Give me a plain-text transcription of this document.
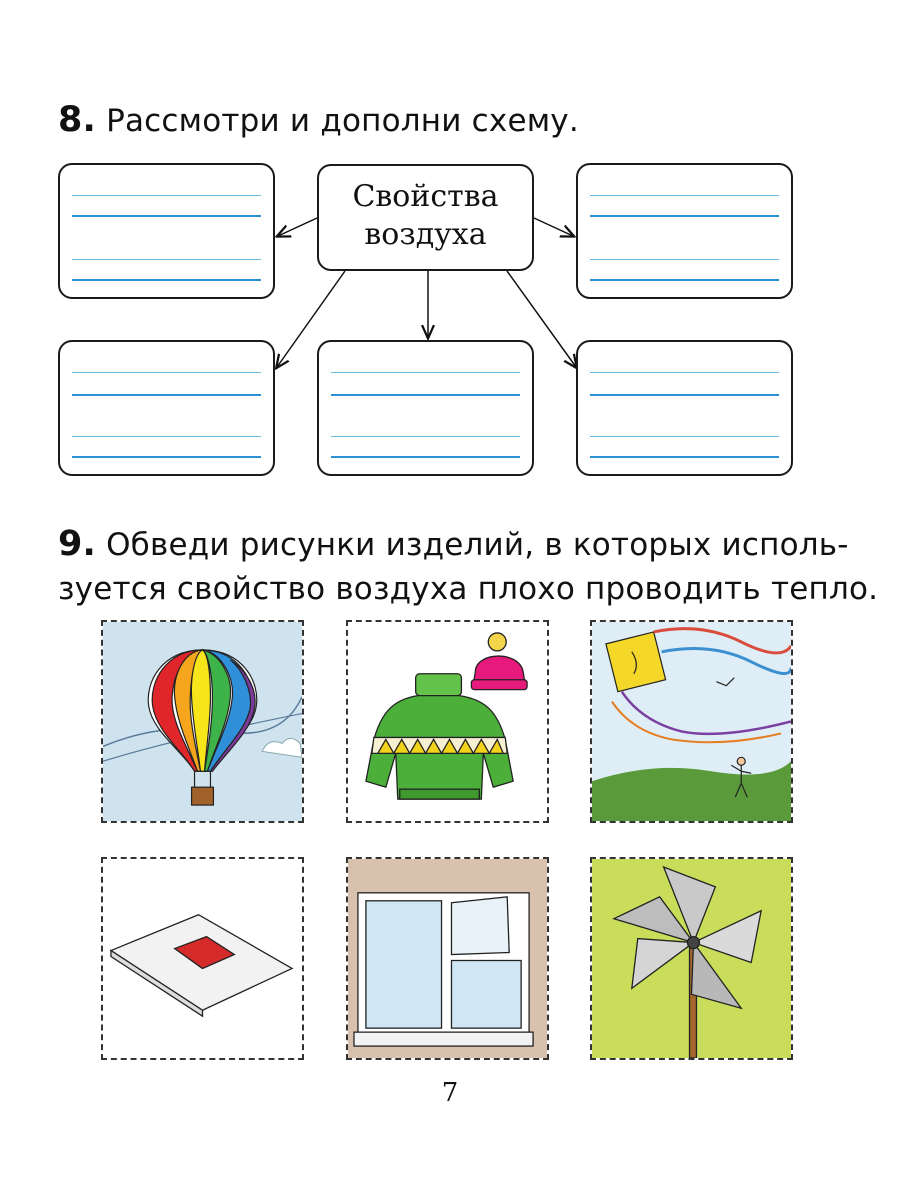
8. Рассмотри и дополни схему.
Свойства
воздуха
9. Обведи рисунки изделий, в которых исполь-
зуется свойство воздуха плохо проводить тепло.
7
